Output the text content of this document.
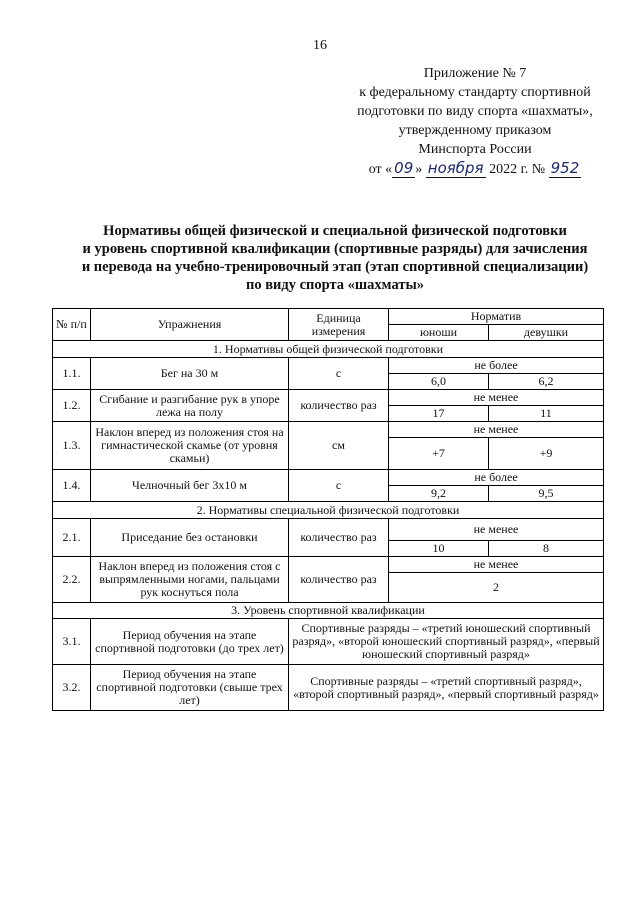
16
Приложение № 7
к федеральному стандарту спортивной
подготовки по виду спорта «шахматы»,
утвержденному приказом
Минспорта России
от « 09 » ноября 2022 г. № 952
Нормативы общей физической и специальной физической подготовки
и уровень спортивной квалификации (спортивные разряды) для зачисления
и перевода на учебно-тренировочный этап (этап спортивной специализации)
по виду спорта «шахматы»
№ п/п	Упражнения	Единица измерения	Норматив	
			юноши	девушки
1. Нормативы общей физической подготовки				
1.1.	Бег на 30 м	с	не более	
			6,0	6,2
1.2.	Сгибание и разгибание рук в упоре лежа на полу	количество раз	не менее	
			17	11
1.3.	Наклон вперед из положения стоя на гимнастической скамье (от уровня скамьи)	см	не менее	
			+7	+9
1.4.	Челночный бег 3х10 м	с	не более	
			9,2	9,5
2. Нормативы специальной физической подготовки				
2.1.	Приседание без остановки	количество раз	не менее	
			10	8
2.2.	Наклон вперед из положения стоя с выпрямленными ногами, пальцами рук коснуться пола	количество раз	не менее	
			2	
3. Уровень спортивной квалификации				
3.1.	Период обучения на этапе спортивной подготовки (до трех лет)	Спортивные разряды – «третий юношеский спортивный разряд», «второй юношеский спортивный разряд», «первый юношеский спортивный разряд»		
3.2.	Период обучения на этапе спортивной подготовки (свыше трех лет)	Спортивные разряды – «третий спортивный разряд», «второй спортивный разряд», «первый спортивный разряд»		
